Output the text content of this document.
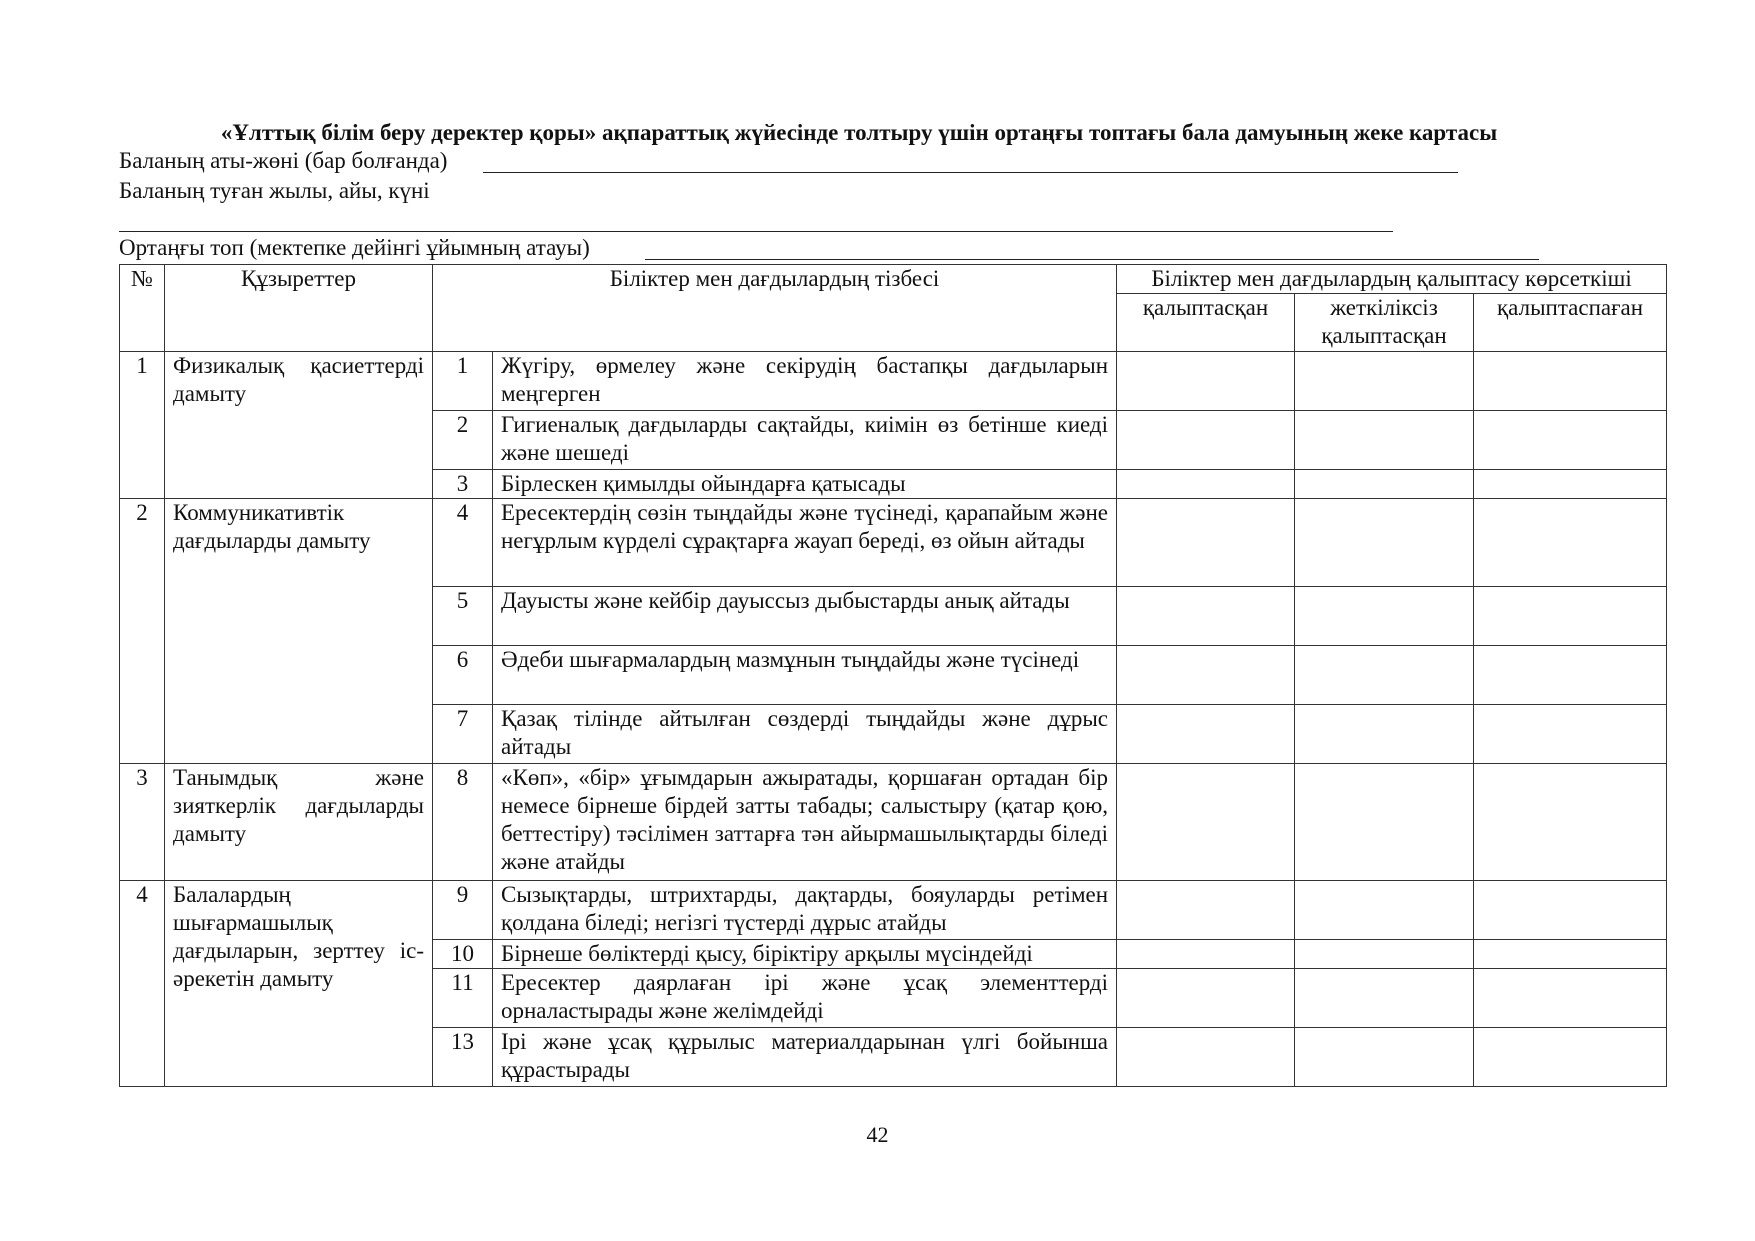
«Ұлттық білім беру деректер қоры» ақпараттық жүйесінде толтыру үшін ортаңғы топтағы бала дамуының жеке картасы
Баланың аты-жөні (бар болғанда)
Баланың туған жылы, айы, күні
Ортаңғы топ (мектепке дейінгі ұйымның атауы)
№	Құзыреттер	Біліктер мен дағдылардың тізбесі		Біліктер мен дағдылардың қалыптасу көрсеткіші		
				қалыптасқан	жеткіліксіз қалыптасқан	қалыптаспаған
1	Физикалық қасиеттерді дамыту	1	Жүгіру, өрмелеу және секірудің бастапқы дағдыларын меңгерген			
		2	Гигиеналық дағдыларды сақтайды, киімін өз бетінше киеді және шешеді			
		3	Бірлескен қимылды ойындарға қатысады			
2	Коммуникативтік дағдыларды дамыту	4	Ересектердің сөзін тыңдайды және түсінеді, қарапайым және негұрлым күрделі сұрақтарға жауап береді, өз ойын айтады			
		5	Дауысты және кейбір дауыссыз дыбыстарды анық айтады			
		6	Әдеби шығармалардың мазмұнын тыңдайды және түсінеді			
		7	Қазақ тілінде айтылған сөздерді тыңдайды және дұрыс айтады			
3	Танымдық және зияткерлік дағдыларды дамыту	8	«Көп», «бір» ұғымдарын ажыратады, қоршаған ортадан бір немесе бірнеше бірдей затты табады; салыстыру (қатар қою, беттестіру) тәсілімен заттарға тән айырмашылықтарды біледі және атайды			
4	Балалардың шығармашылық дағдыларын, зерттеу іс-әрекетін дамыту	9	Сызықтарды, штрихтарды, дақтарды, бояуларды ретімен қолдана біледі; негізгі түстерді дұрыс атайды			
		10	Бірнеше бөліктерді қысу, біріктіру арқылы мүсіндейді			
		11	Ересектер даярлаған ірі және ұсақ элементтерді орналастырады және желімдейді			
		13	Ірі және ұсақ құрылыс материалдарынан үлгі бойынша құрастырады			
42
